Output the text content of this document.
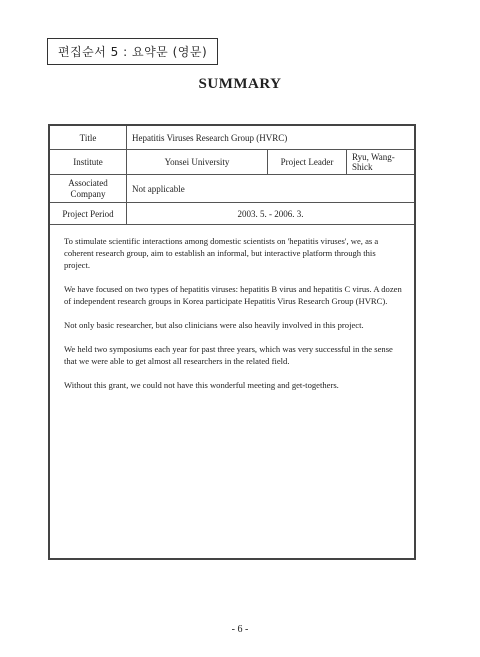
편집순서 5 : 요약문 (영문)
SUMMARY
Title	Hepatitis Viruses Research Group (HVRC)		
Institute	Yonsei University	Project Leader	Ryu, Wang-Shick
Associated Company	Not applicable		
Project Period	2003. 5. - 2006. 3.		

To stimulate scientific interactions among domestic scientists on 'hepatitis viruses', we, as a coherent research group, aim to establish an informal, but interactive platform through this project.

We have focused on two types of hepatitis viruses: hepatitis B virus and hepatitis C virus. A dozen of independent research groups in Korea participate Hepatitis Virus Research Group (HVRC).

Not only basic researcher, but also clinicians were also heavily involved in this project.

We held two symposiums each year for past three years, which was very successful in the sense that we were able to get almost all researchers in the related field.

Without this grant, we could not have this wonderful meeting and get-togethers.

- 6 -
